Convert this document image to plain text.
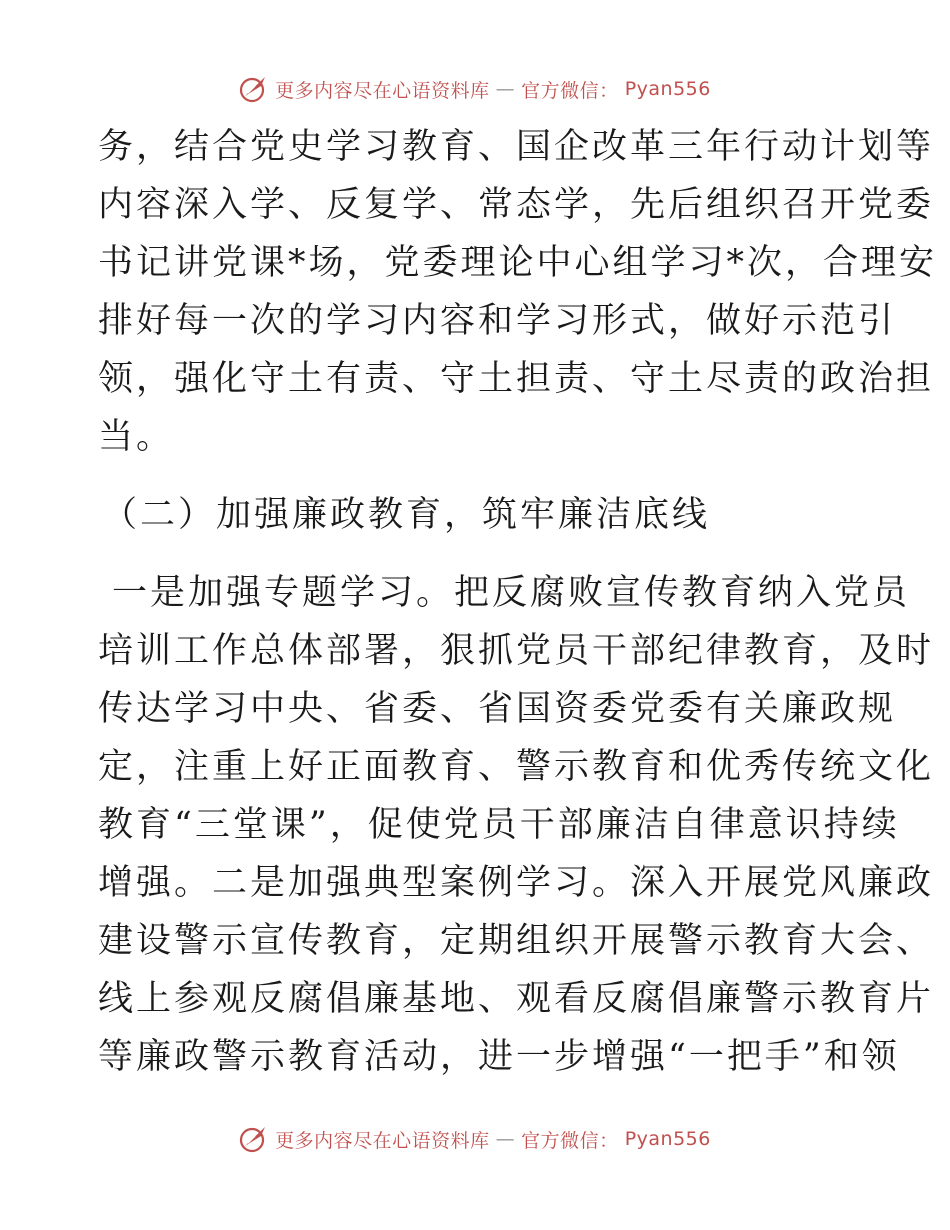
更多内容尽在心语资料库 — 官方微信： Pyan556
务，结合党史学习教育、国企改革三年行动计划等
内容深入学、反复学、常态学，先后组织召开党委
书记讲党课*场，党委理论中心组学习*次，合理安
排好每一次的学习内容和学习形式，做好示范引
领，强化守土有责、守土担责、守土尽责的政治担
当。
（二）加强廉政教育，筑牢廉洁底线
一是加强专题学习。把反腐败宣传教育纳入党员
培训工作总体部署，狠抓党员干部纪律教育，及时
传达学习中央、省委、省国资委党委有关廉政规
定，注重上好正面教育、警示教育和优秀传统文化
教育“三堂课”，促使党员干部廉洁自律意识持续
增强。二是加强典型案例学习。深入开展党风廉政
建设警示宣传教育，定期组织开展警示教育大会、
线上参观反腐倡廉基地、观看反腐倡廉警示教育片
等廉政警示教育活动，进一步增强“一把手”和领
更多内容尽在心语资料库 — 官方微信： Pyan556
